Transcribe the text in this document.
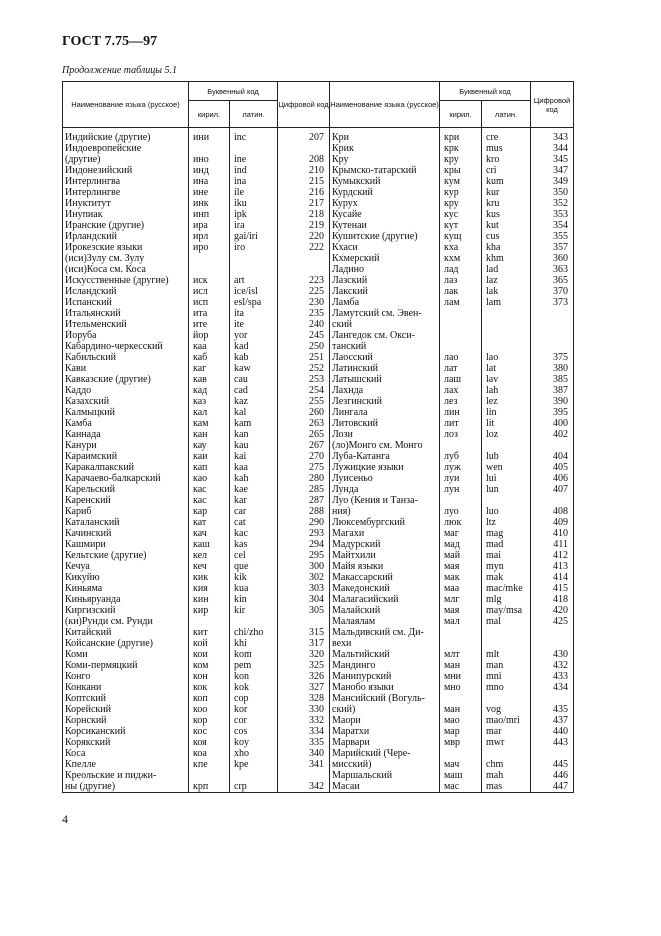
ГОСТ 7.75—97
Продолжение таблицы 5.1
Наименование языка (русское)	Буквенный код		Цифровой код	Наименование языка (русское)	Буквенный код		Цифровой код
	кирил.	латин.			кирил.	латин.	
Индийские (другие)	ини	inc	207	Кри	кри	cre	343
Индоевропейские				Крик	крк	mus	344
(другие)	ино	ine	208	Кру	кру	kro	345
Индонезийский	инд	ind	210	Крымско-татарский	кры	crі	347
Интерлингва	ина	ina	215	Кумыкский	кум	kum	349
Интерлингве	ине	ile	216	Курдский	кур	kur	350
Инуктитут	инк	iku	217	Курух	кру	kru	352
Инупиак	инп	ipk	218	Кусайе	кус	kus	353
Иранские (другие)	ира	ira	219	Кутенаи	кут	kut	354
Ирландский	ирл	gai/iri	220	Кушитские (другие)	кущ	cus	355
Ирокезские языки	иро	iro	222	Кхаси	кха	kha	357
(иси)Зулу см. Зулу				Кхмерский	кхм	khm	360
(иси)Коса см. Коса				Ладино	лад	lad	363
Искусственные (другие)	иск	art	223	Лазский	лаз	laz	365
Исландский	исл	ice/isl	225	Лакский	лак	lak	370
Испанский	исп	esl/spa	230	Ламба	лам	lam	373
Итальянский	ита	ita	235	Ламутский см. Эвен-			
Ительменский	ите	ite	240	ский			
Йоруба	йор	yor	245	Лангедок см. Окси-			
Кабардино-черкесский	каа	kad	250	танский			
Кабильский	каб	kab	251	Лаосский	лао	lao	375
Кави	каг	kaw	252	Латинский	лат	lat	380
Кавказские (другие)	кав	cau	253	Латышский	лаш	lav	385
Каддо	кад	cad	254	Лахнда	лах	lah	387
Казахский	каз	kaz	255	Лезгинский	лез	lez	390
Калмыцкий	кал	kal	260	Лингала	лин	lin	395
Камба	кам	kam	263	Литовский	лит	lit	400
Каннада	кан	kan	265	Лози	лоз	loz	402
Канури	кау	kau	267	(ло)Монго см. Монго			
Караимский	каи	kai	270	Луба-Катанга	луб	lub	404
Каракалпакский	кап	kaa	275	Лужицкие языки	луж	wen	405
Карачаево-балкарский	као	kah	280	Луисеньо	луи	lui	406
Карельский	кас	kae	285	Лунда	лун	lun	407
Каренский	кас	kar	287	Луо (Кения и Танза-			
Кариб	кар	car	288	ния)	луо	luo	408
Каталанский	кат	cat	290	Люксембургский	люк	ltz	409
Качинский	кач	kac	293	Магахи	маг	mag	410
Кашмири	каш	kas	294	Мадурский	мад	mad	411
Кельтские (другие)	кел	cel	295	Майтхили	май	mai	412
Кечуа	кеч	que	300	Майя языки	мая	myn	413
Кикуйю	кик	kik	302	Макассарский	мак	mak	414
Киньяма	кия	kua	303	Македонский	маа	mac/mke	415
Киньяруанда	кин	kin	304	Малагасийский	млг	mlg	418
Киргизский	кир	kir	305	Малайский	мая	may/msa	420
(ки)Рунди см. Рунди				Малаялам	мал	mal	425
Китайский	кит	chi/zho	315	Мальдивский см. Ди-			
Койсанские (другие)	кой	khi	317	вехи			
Коми	кои	kom	320	Мальтийский	млт	mlt	430
Коми-пермяцкий	ком	pem	325	Мандинго	ман	man	432
Конго	кон	kon	326	Манипурский	мни	mni	433
Конкани	кок	kok	327	Манобо языки	мно	mno	434
Коптский	коп	cop	328	Мансийский (Вогуль-			
Корейский	коо	kor	330	ский)	ман	vog	435
Корнский	кор	cor	332	Маори	мао	mao/mri	437
Корсиканский	кос	cos	334	Маратхи	мар	mar	440
Корякский	коя	koy	335	Марвари	мвр	mwr	443
Коса	коа	xho	340	Марийский (Чере-			
Кпелле	кпе	kpe	341	мисский)	мач	chm	445
Креольские и пиджи-				Маршальский	маш	mah	446
ны (другие)	крп	crp	342	Масаи	мас	mas	447
4
